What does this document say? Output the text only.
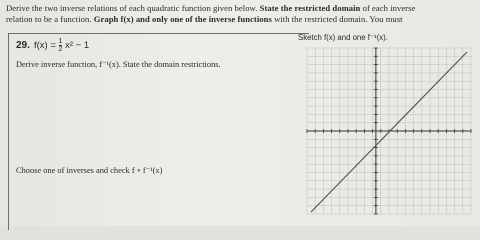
Derive the two inverse relations of each quadratic function given below. State the restricted domain of each inverse
relation to be a function. Graph f(x) and only one of the inverse functions with the restricted domain. You must
29. $f(x) = \frac{1}{2} x^2 - 1$
Sketch f(x) and one f⁻¹(x).
Derive inverse function, f⁻¹(x). State the domain restrictions.
Choose one of inverses and check f ∘ f⁻¹(x)
